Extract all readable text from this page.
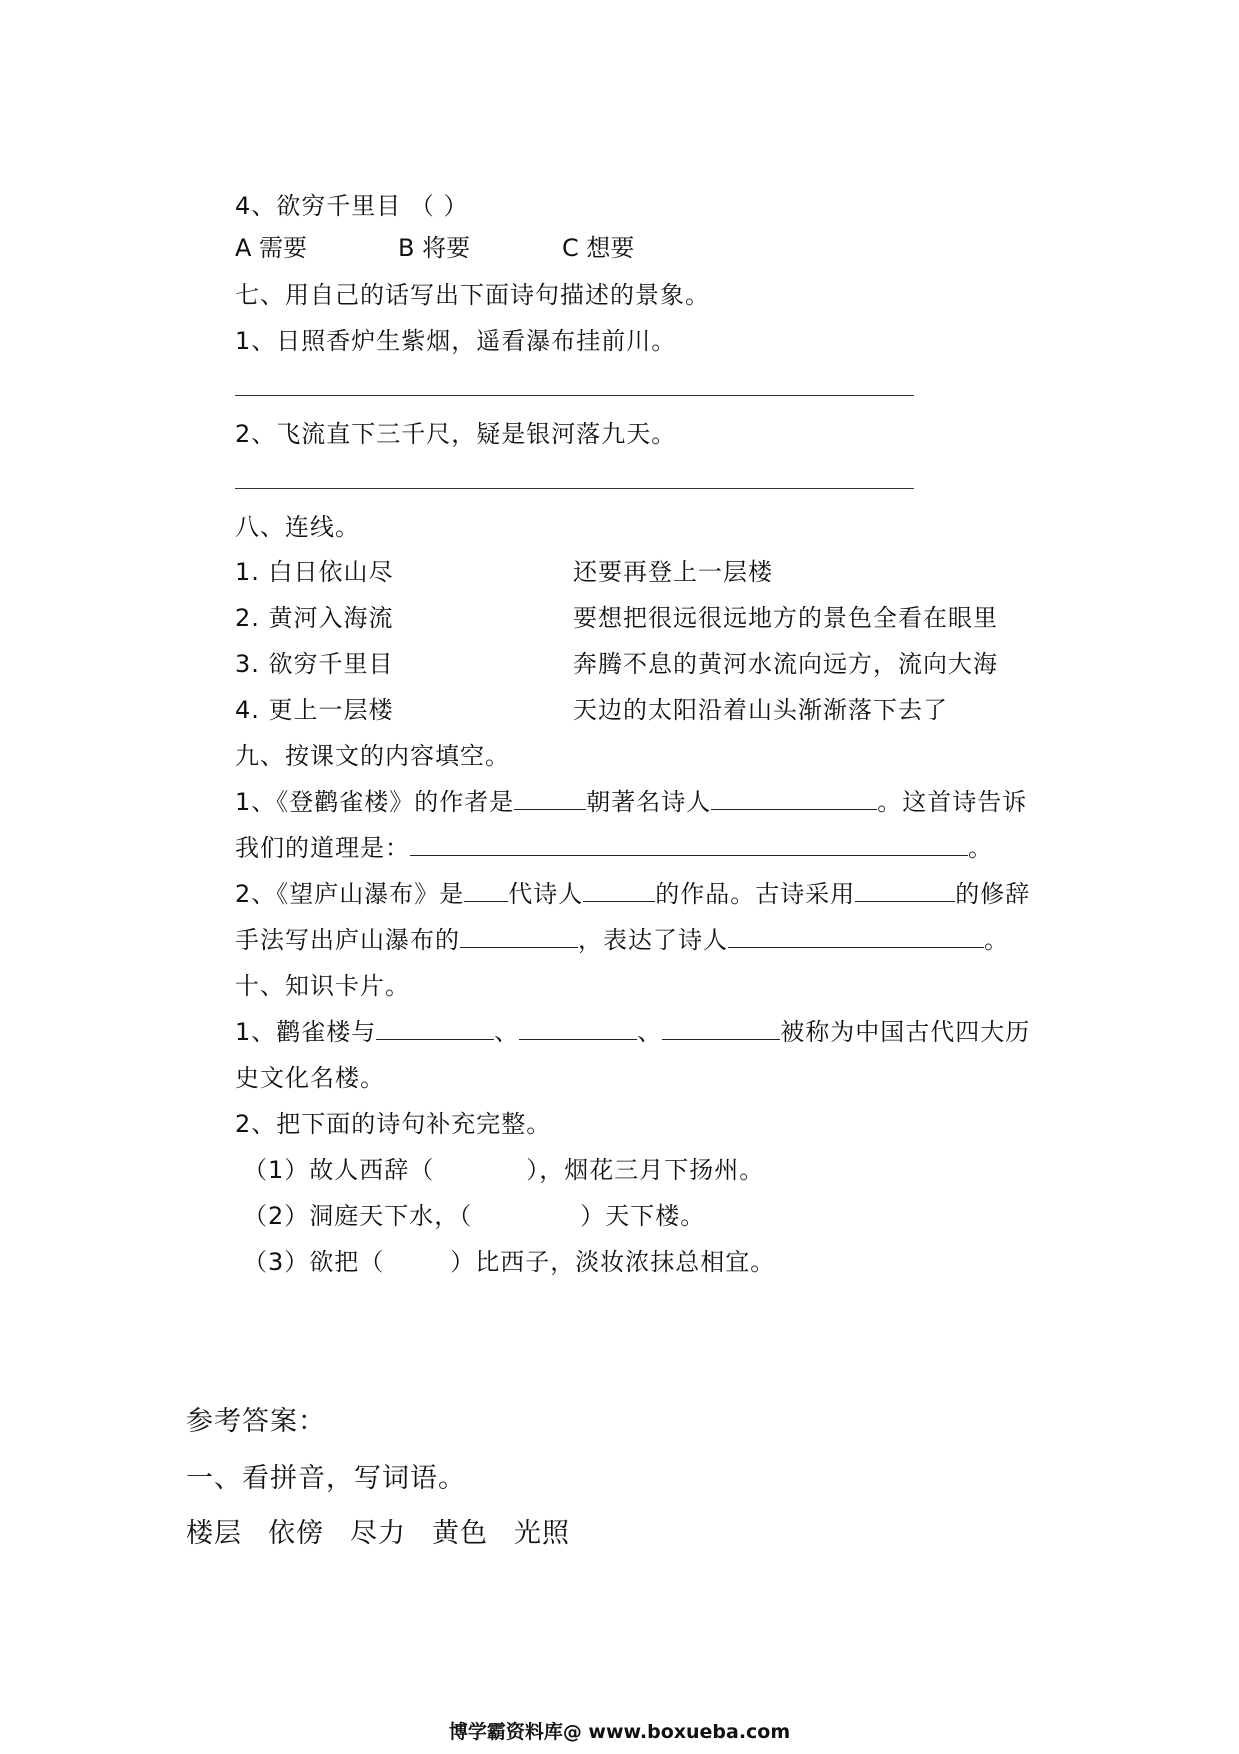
4、欲穷千里目 （ ）
A 需要	B 将要	C 想要
七、用自己的话写出下面诗句描述的景象。
1、日照香炉生紫烟，遥看瀑布挂前川。
2、飞流直下三千尺，疑是银河落九天。
八、连线。
1. 白日依山尽	还要再登上一层楼
2. 黄河入海流	要想把很远很远地方的景色全看在眼里
3. 欲穷千里目	奔腾不息的黄河水流向远方，流向大海
4. 更上一层楼	天边的太阳沿着山头渐渐落下去了
九、按课文的内容填空。
1、《登鹳雀楼》的作者是	朝著名诗人	。这首诗告诉
我们的道理是：	。
2、《望庐山瀑布》是 代诗人	的作品。古诗采用	的修辞
手法写出庐山瀑布的	，表达了诗人	。
十、知识卡片。
1、鹳雀楼与	、	、	被称为中国古代四大历
史文化名楼。
2、把下面的诗句补充完整。
（1）故人西辞（	），烟花三月下扬州。
（2）洞庭天下水，（	）天下楼。
（3）欲把（	）比西子，淡妆浓抹总相宜。
参考答案：
一、看拼音，写词语。
楼层 依傍 尽力 黄色 光照
博学霸资料库@ www.boxueba.com
